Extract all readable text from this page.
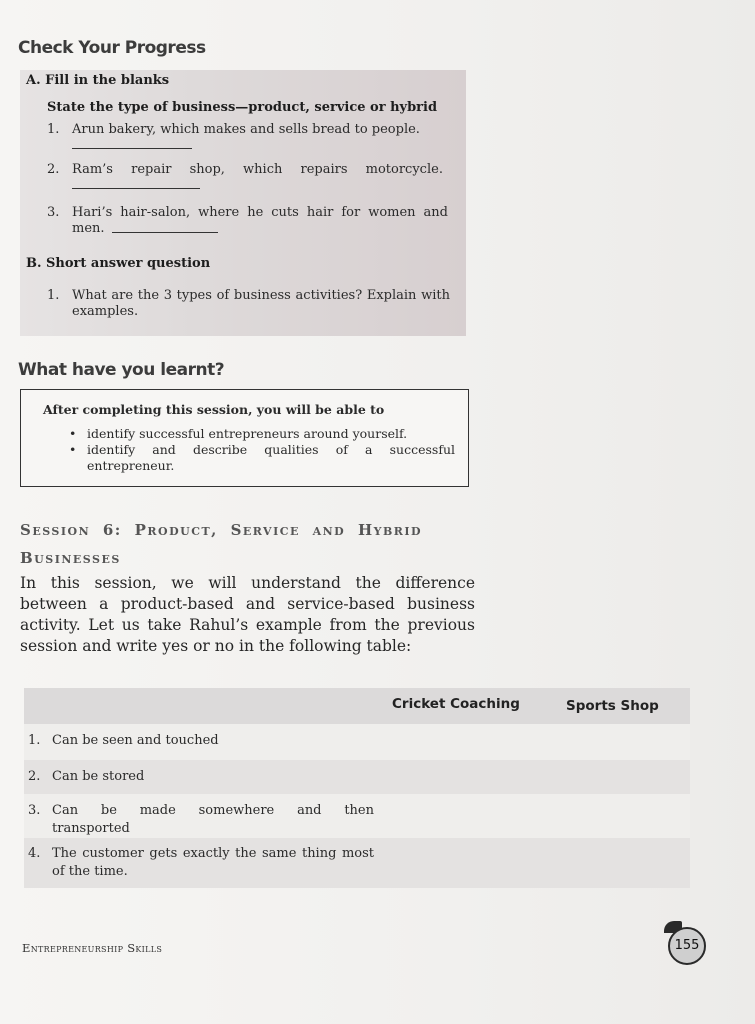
Check Your Progress
A. Fill in the blanks
State the type of business—product, service or hybrid
1. Arun bakery, which makes and sells bread to people.
2. Ram’s repair shop, which repairs motorcycle.
3. Hari’s hair-salon, where he cuts hair for women and men.
B. Short answer question
1. What are the 3 types of business activities? Explain with examples.
What have you learnt?
After completing this session, you will be able to
• identify successful entrepreneurs around yourself.
• identify and describe qualities of a successful entrepreneur.
Session 6: Product, Service and Hybrid
Businesses
In this session, we will understand the difference between a product-based and service-based business activity. Let us take Rahul’s example from the previous session and write yes or no in the following table:
Cricket Coaching	Sports Shop
1. Can be seen and touched
2. Can be stored
3. Can be made somewhere and then transported
4. The customer gets exactly the same thing most of the time.
Entrepreneurship Skills	155
